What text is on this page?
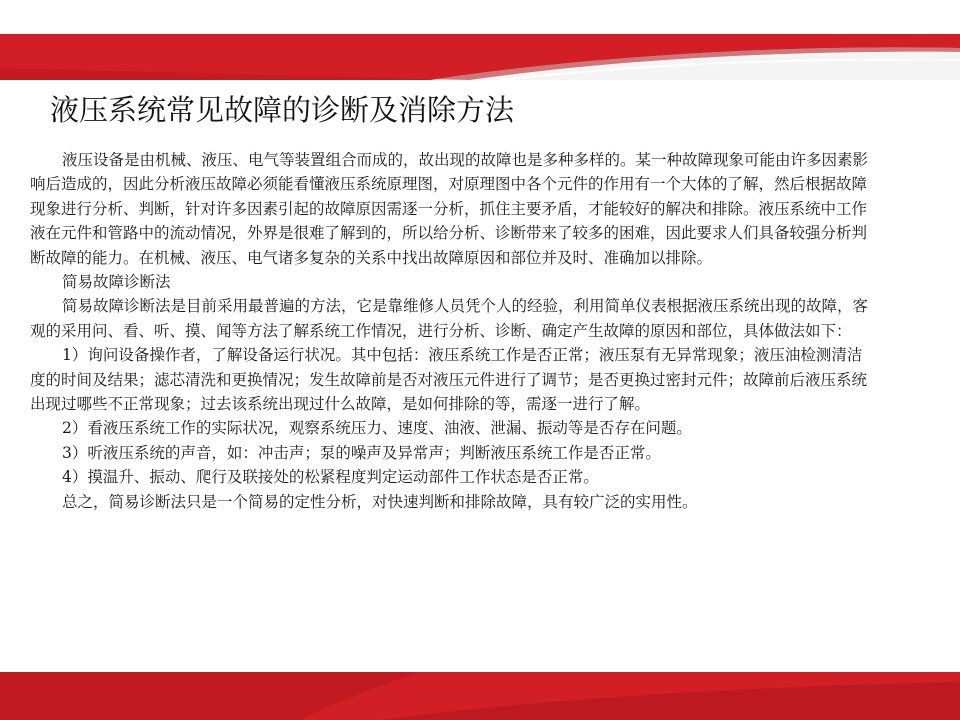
液压系统常见故障的诊断及消除方法

液压设备是由机械、液压、电气等装置组合而成的，故出现的故障也是多种多样的。某一种故障现象可能由许多因素影响后造成的，因此分析液压故障必须能看懂液压系统原理图，对原理图中各个元件的作用有一个大体的了解，然后根据故障现象进行分析、判断，针对许多因素引起的故障原因需逐一分析，抓住主要矛盾，才能较好的解决和排除。液压系统中工作液在元件和管路中的流动情况，外界是很难了解到的，所以给分析、诊断带来了较多的困难，因此要求人们具备较强分析判断故障的能力。在机械、液压、电气诸多复杂的关系中找出故障原因和部位并及时、准确加以排除。

简易故障诊断法

简易故障诊断法是目前采用最普遍的方法，它是靠维修人员凭个人的经验，利用简单仪表根据液压系统出现的故障，客观的采用问、看、听、摸、闻等方法了解系统工作情况，进行分析、诊断、确定产生故障的原因和部位，具体做法如下：

1）询问设备操作者，了解设备运行状况。其中包括：液压系统工作是否正常；液压泵有无异常现象；液压油检测清洁度的时间及结果；滤芯清洗和更换情况；发生故障前是否对液压元件进行了调节；是否更换过密封元件；故障前后液压系统出现过哪些不正常现象；过去该系统出现过什么故障，是如何排除的等，需逐一进行了解。

2）看液压系统工作的实际状况，观察系统压力、速度、油液、泄漏、振动等是否存在问题。

3）听液压系统的声音，如：冲击声；泵的噪声及异常声；判断液压系统工作是否正常。

4）摸温升、振动、爬行及联接处的松紧程度判定运动部件工作状态是否正常。

总之，简易诊断法只是一个简易的定性分析，对快速判断和排除故障，具有较广泛的实用性。
